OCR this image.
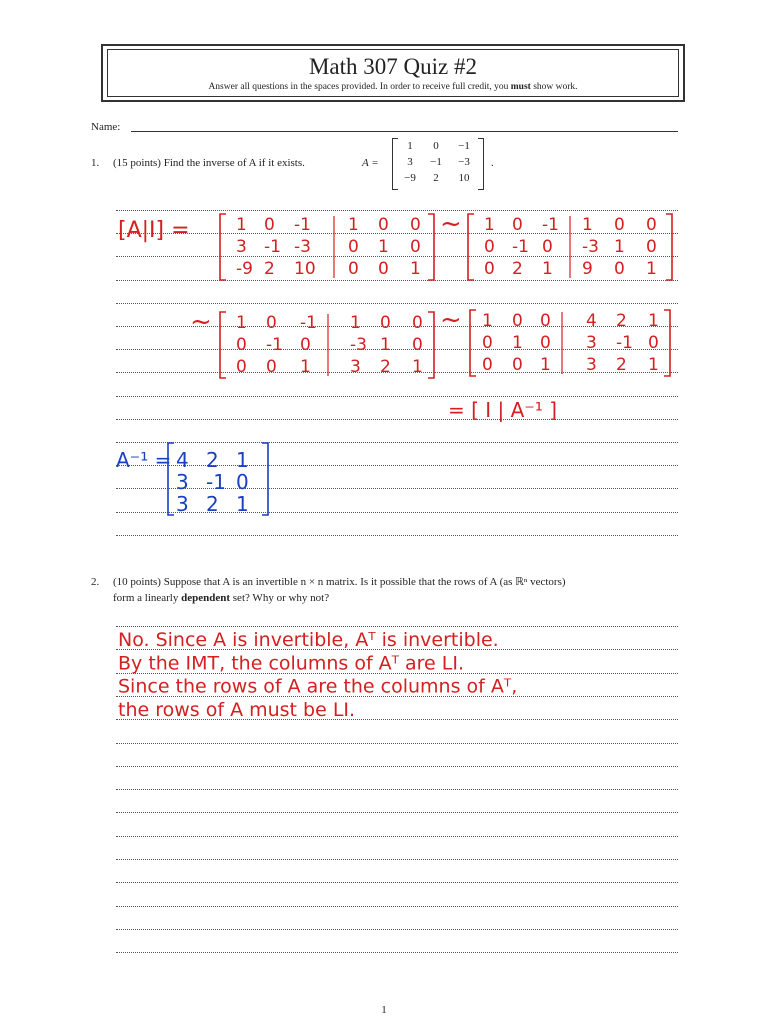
Math 307 Quiz #2
Answer all questions in the spaces provided. In order to receive full credit, you must show work.
Name:
1. (15 points) Find the inverse of A if it exists.	A =
1	0	−1
3	−1	−3
−9	2	10
.
2. (10 points) Suppose that A is an invertible n × n matrix. Is it possible that the rows of A (as ℝⁿ vectors)
form a linearly dependent set? Why or why not?
[A|I] =	1 0 -1 1 0 0
3 -1 -3 0 1 0
-9 2 10 0 0 1
~ 1 0 -1 1 0 0
0 -1 0 -3 1 0
0 2 1 9 0 1
~ 1 0 -1 1 0 0
0 -1 0 -3 1 0
0 0 1 3 2 1
~ 1 0 0 4 2 1
0 1 0 3 -1 0
0 0 1 3 2 1
= [ I | A⁻¹ ]
A⁻¹ = 4 2 1
3 -1 0
3 2 1
No. Since A is invertible, Aᵀ is invertible.
By the IMT, the columns of Aᵀ are LI.
Since the rows of A are the columns of Aᵀ,
the rows of A must be LI.
1
